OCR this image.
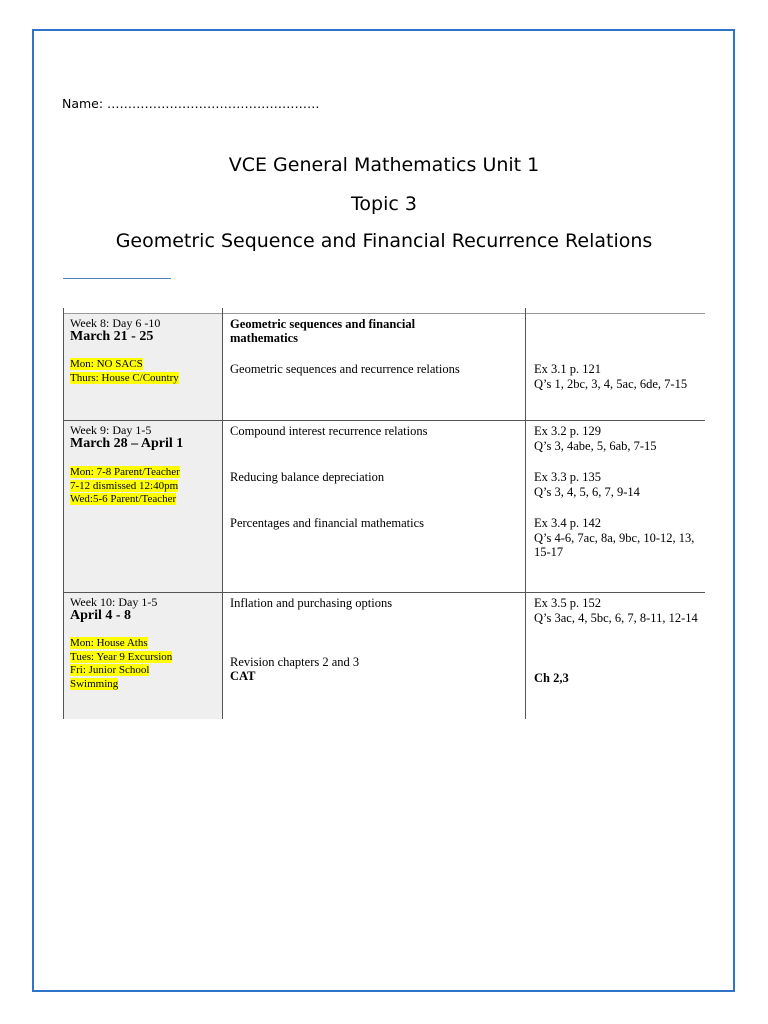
Name: ……………………………………………
VCE General Mathematics Unit 1
Topic 3
Geometric Sequence and Financial Recurrence Relations
Week 8: Day 6 -10
March 21 - 25
Mon: NO SACS
Thurs: House C/Country
Geometric sequences and financial
mathematics
Geometric sequences and recurrence relations	Ex 3.1 p. 121
Q’s 1, 2bc, 3, 4, 5ac, 6de, 7-15
Week 9: Day 1-5
March 28 – April 1
Mon: 7-8 Parent/Teacher
7-12 dismissed 12:40pm
Wed:5-6 Parent/Teacher
Compound interest recurrence relations
Reducing balance depreciation
Percentages and financial mathematics
Ex 3.2 p. 129
Q’s 3, 4abe, 5, 6ab, 7-15
Ex 3.3 p. 135
Q’s 3, 4, 5, 6, 7, 9-14
Ex 3.4 p. 142
Q’s 4-6, 7ac, 8a, 9bc, 10-12, 13, 15-17
Week 10: Day 1-5
April 4 - 8
Mon: House Aths
Tues: Year 9 Excursion
Fri: Junior School
Swimming
Inflation and purchasing options
Revision chapters 2 and 3
CAT
Ex 3.5 p. 152
Q’s 3ac, 4, 5bc, 6, 7, 8-11, 12-14
Ch 2,3
